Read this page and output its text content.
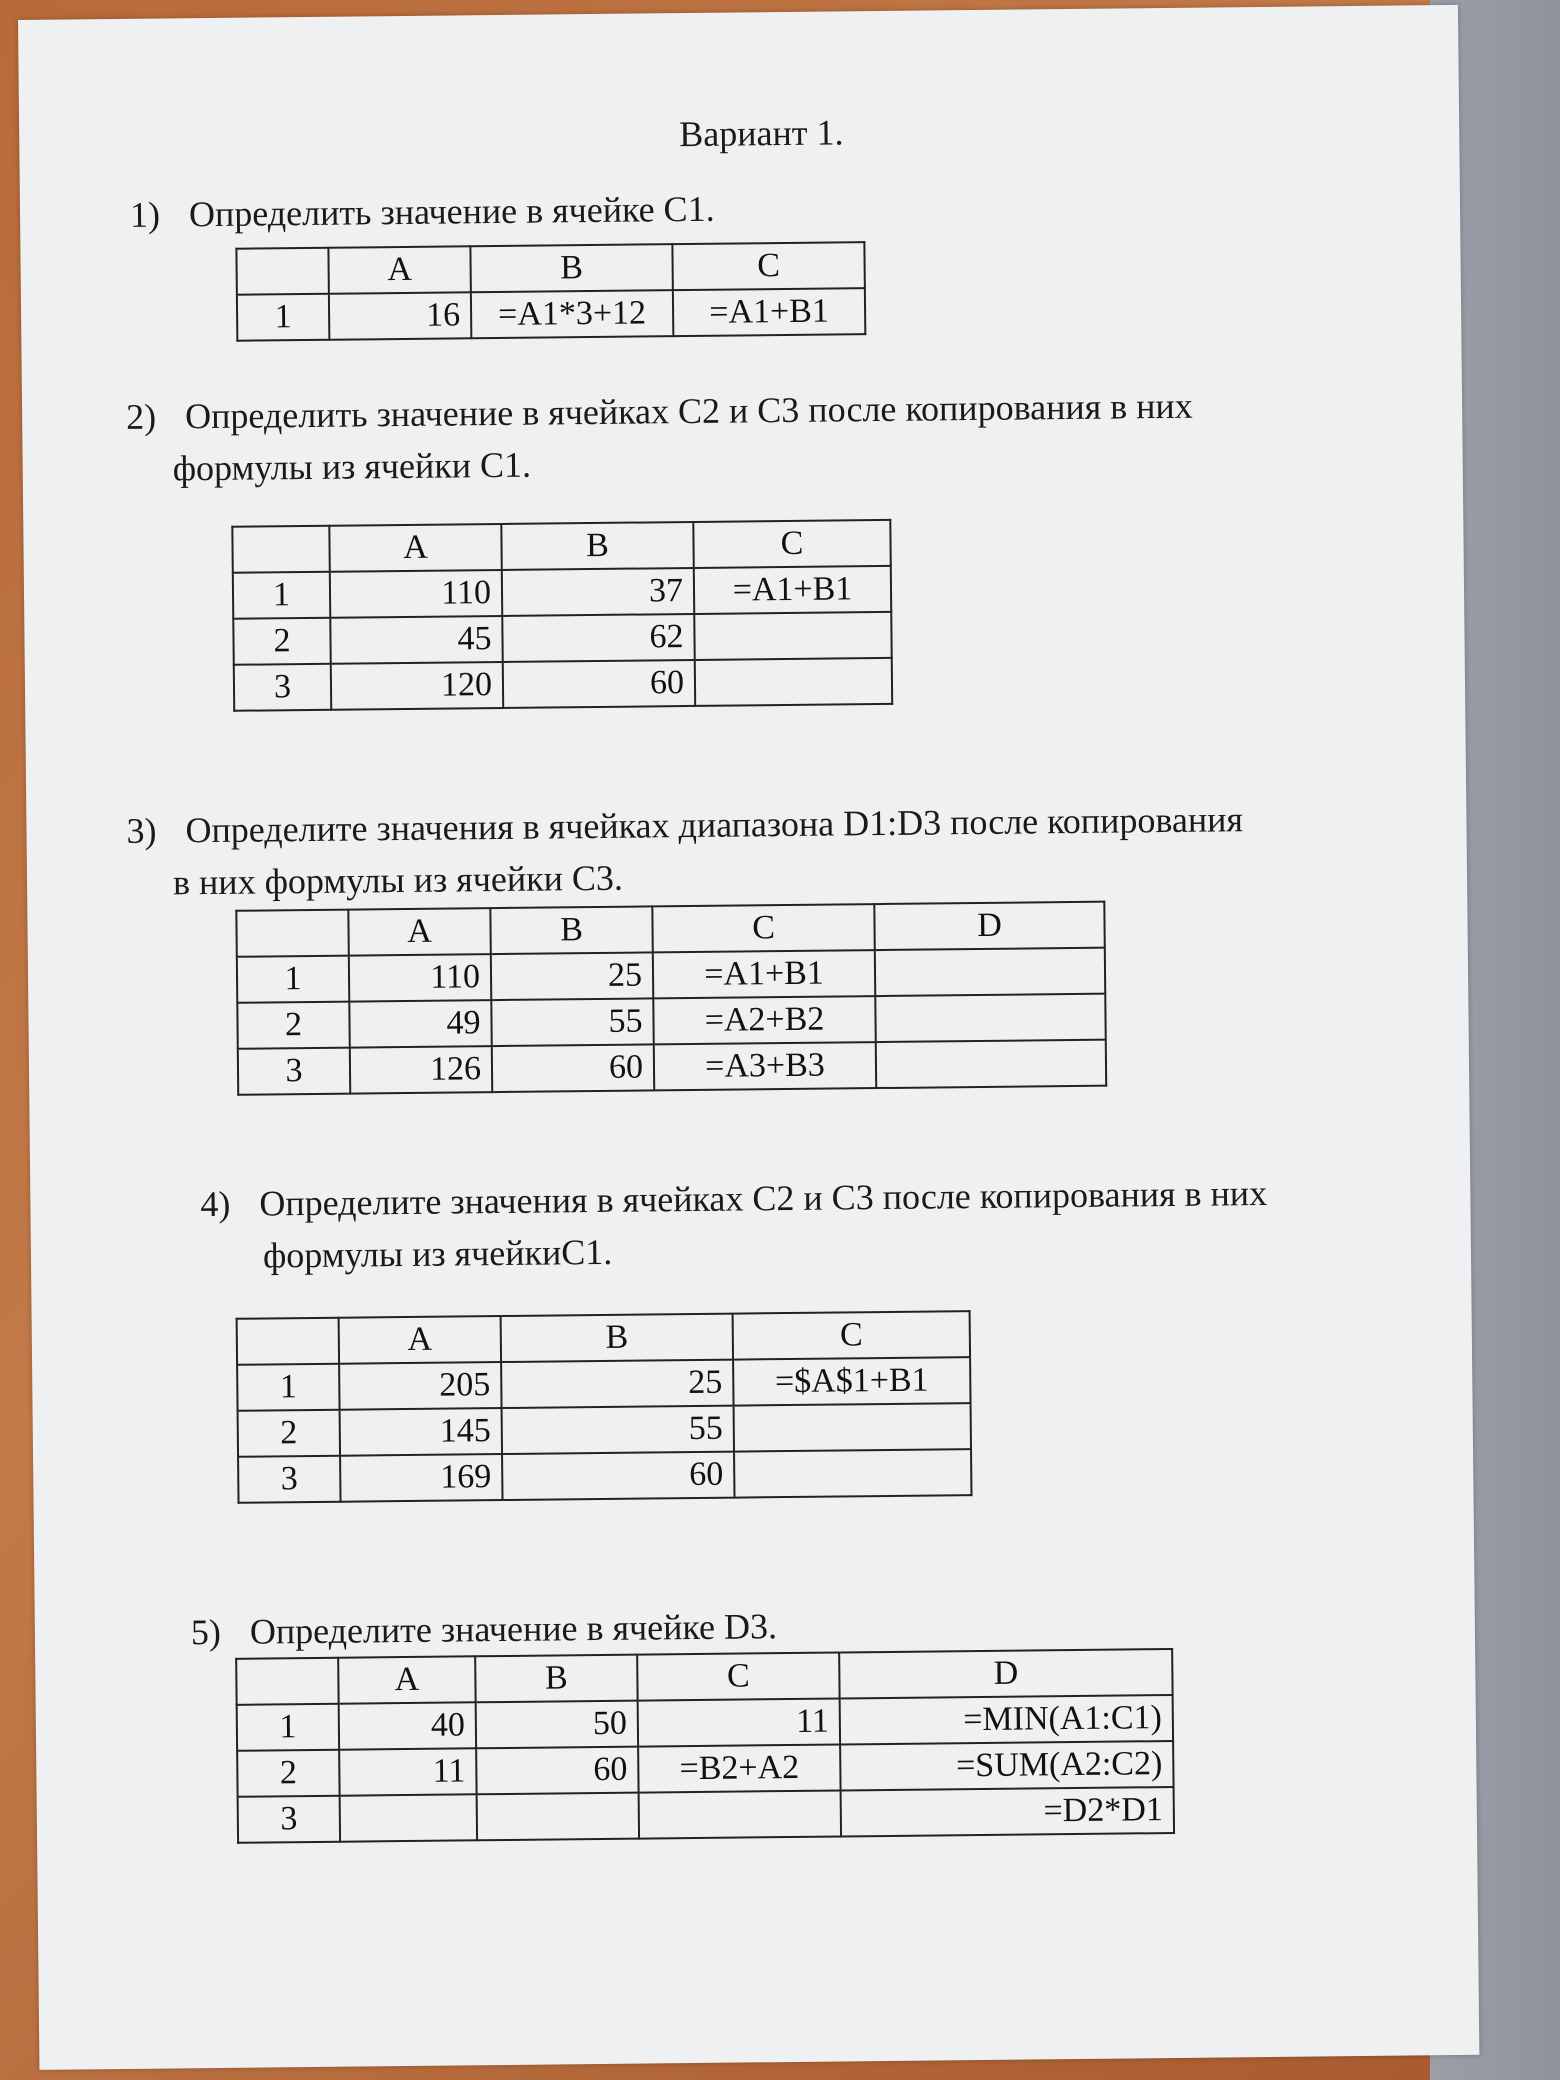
Вариант 1.
1) Определить значение в ячейке C1.
	A	B	C
1	16	=A1*3+12	=A1+B1
2) Определить значение в ячейках C2 и C3 после копирования в них
формулы из ячейки C1.
	A	B	C
1	110	37	=A1+B1
2	45	62	
3	120	60	
3) Определите значения в ячейках диапазона D1:D3 после копирования
в них формулы из ячейки C3.
	A	B	C	D
1	110	25	=A1+B1	
2	49	55	=A2+B2	
3	126	60	=A3+B3	
4) Определите значения в ячейках C2 и C3 после копирования в них
формулы из ячейкиC1.
	A	B	C
1	205	25	=$A$1+B1
2	145	55	
3	169	60	
5) Определите значение в ячейке D3.
	A	B	C	D
1	40	50	11	=MIN(A1:C1)
2	11	60	=B2+A2	=SUM(A2:C2)
3				=D2*D1
